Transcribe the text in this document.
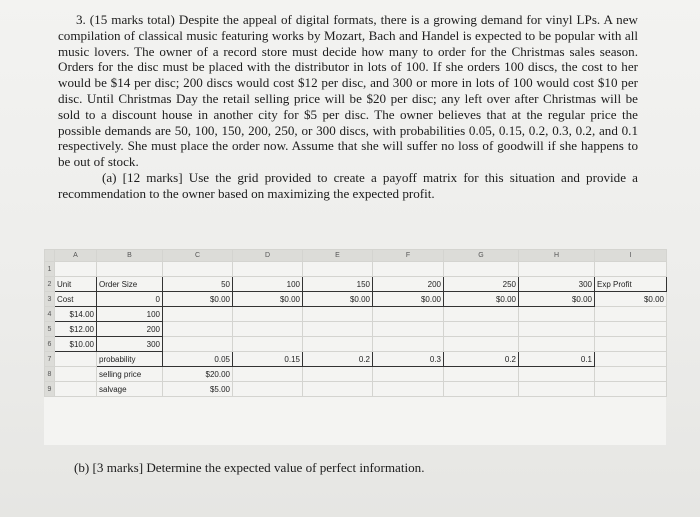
3. (15 marks total) Despite the appeal of digital formats, there is a growing demand for vinyl LPs. A new compilation of classical music featuring works by Mozart, Bach and Handel is expected to be popular with all music lovers. The owner of a record store must decide how many to order for the Christmas sales season. Orders for the disc must be placed with the distributor in lots of 100. If she orders 100 discs, the cost to her would be $14 per disc; 200 discs would cost $12 per disc, and 300 or more in lots of 100 would cost $10 per disc. Until Christmas Day the retail selling price will be $20 per disc; any left over after Christmas will be sold to a discount house in another city for $5 per disc. The owner believes that at the regular price the possible demands are 50, 100, 150, 200, 250, or 300 discs, with probabilities 0.05, 0.15, 0.2, 0.3, 0.2, and 0.1 respectively. She must place the order now. Assume that she will suffer no loss of goodwill if she happens to be out of stock.

(a) [12 marks] Use the grid provided to create a payoff matrix for this situation and provide a recommendation to the owner based on maximizing the expected profit.

	A	B	C	D	E	F	G	H	I
1									
2	Unit	Order Size	50	100	150	200	250	300	Exp Profit
3	Cost	0	$0.00	$0.00	$0.00	$0.00	$0.00	$0.00	$0.00
4	$14.00	100							
5	$12.00	200							
6	$10.00	300							
7		probability	0.05	0.15	0.2	0.3	0.2	0.1	
8		selling price	$20.00						
9		salvage	$5.00						
(b) [3 marks] Determine the expected value of perfect information.
